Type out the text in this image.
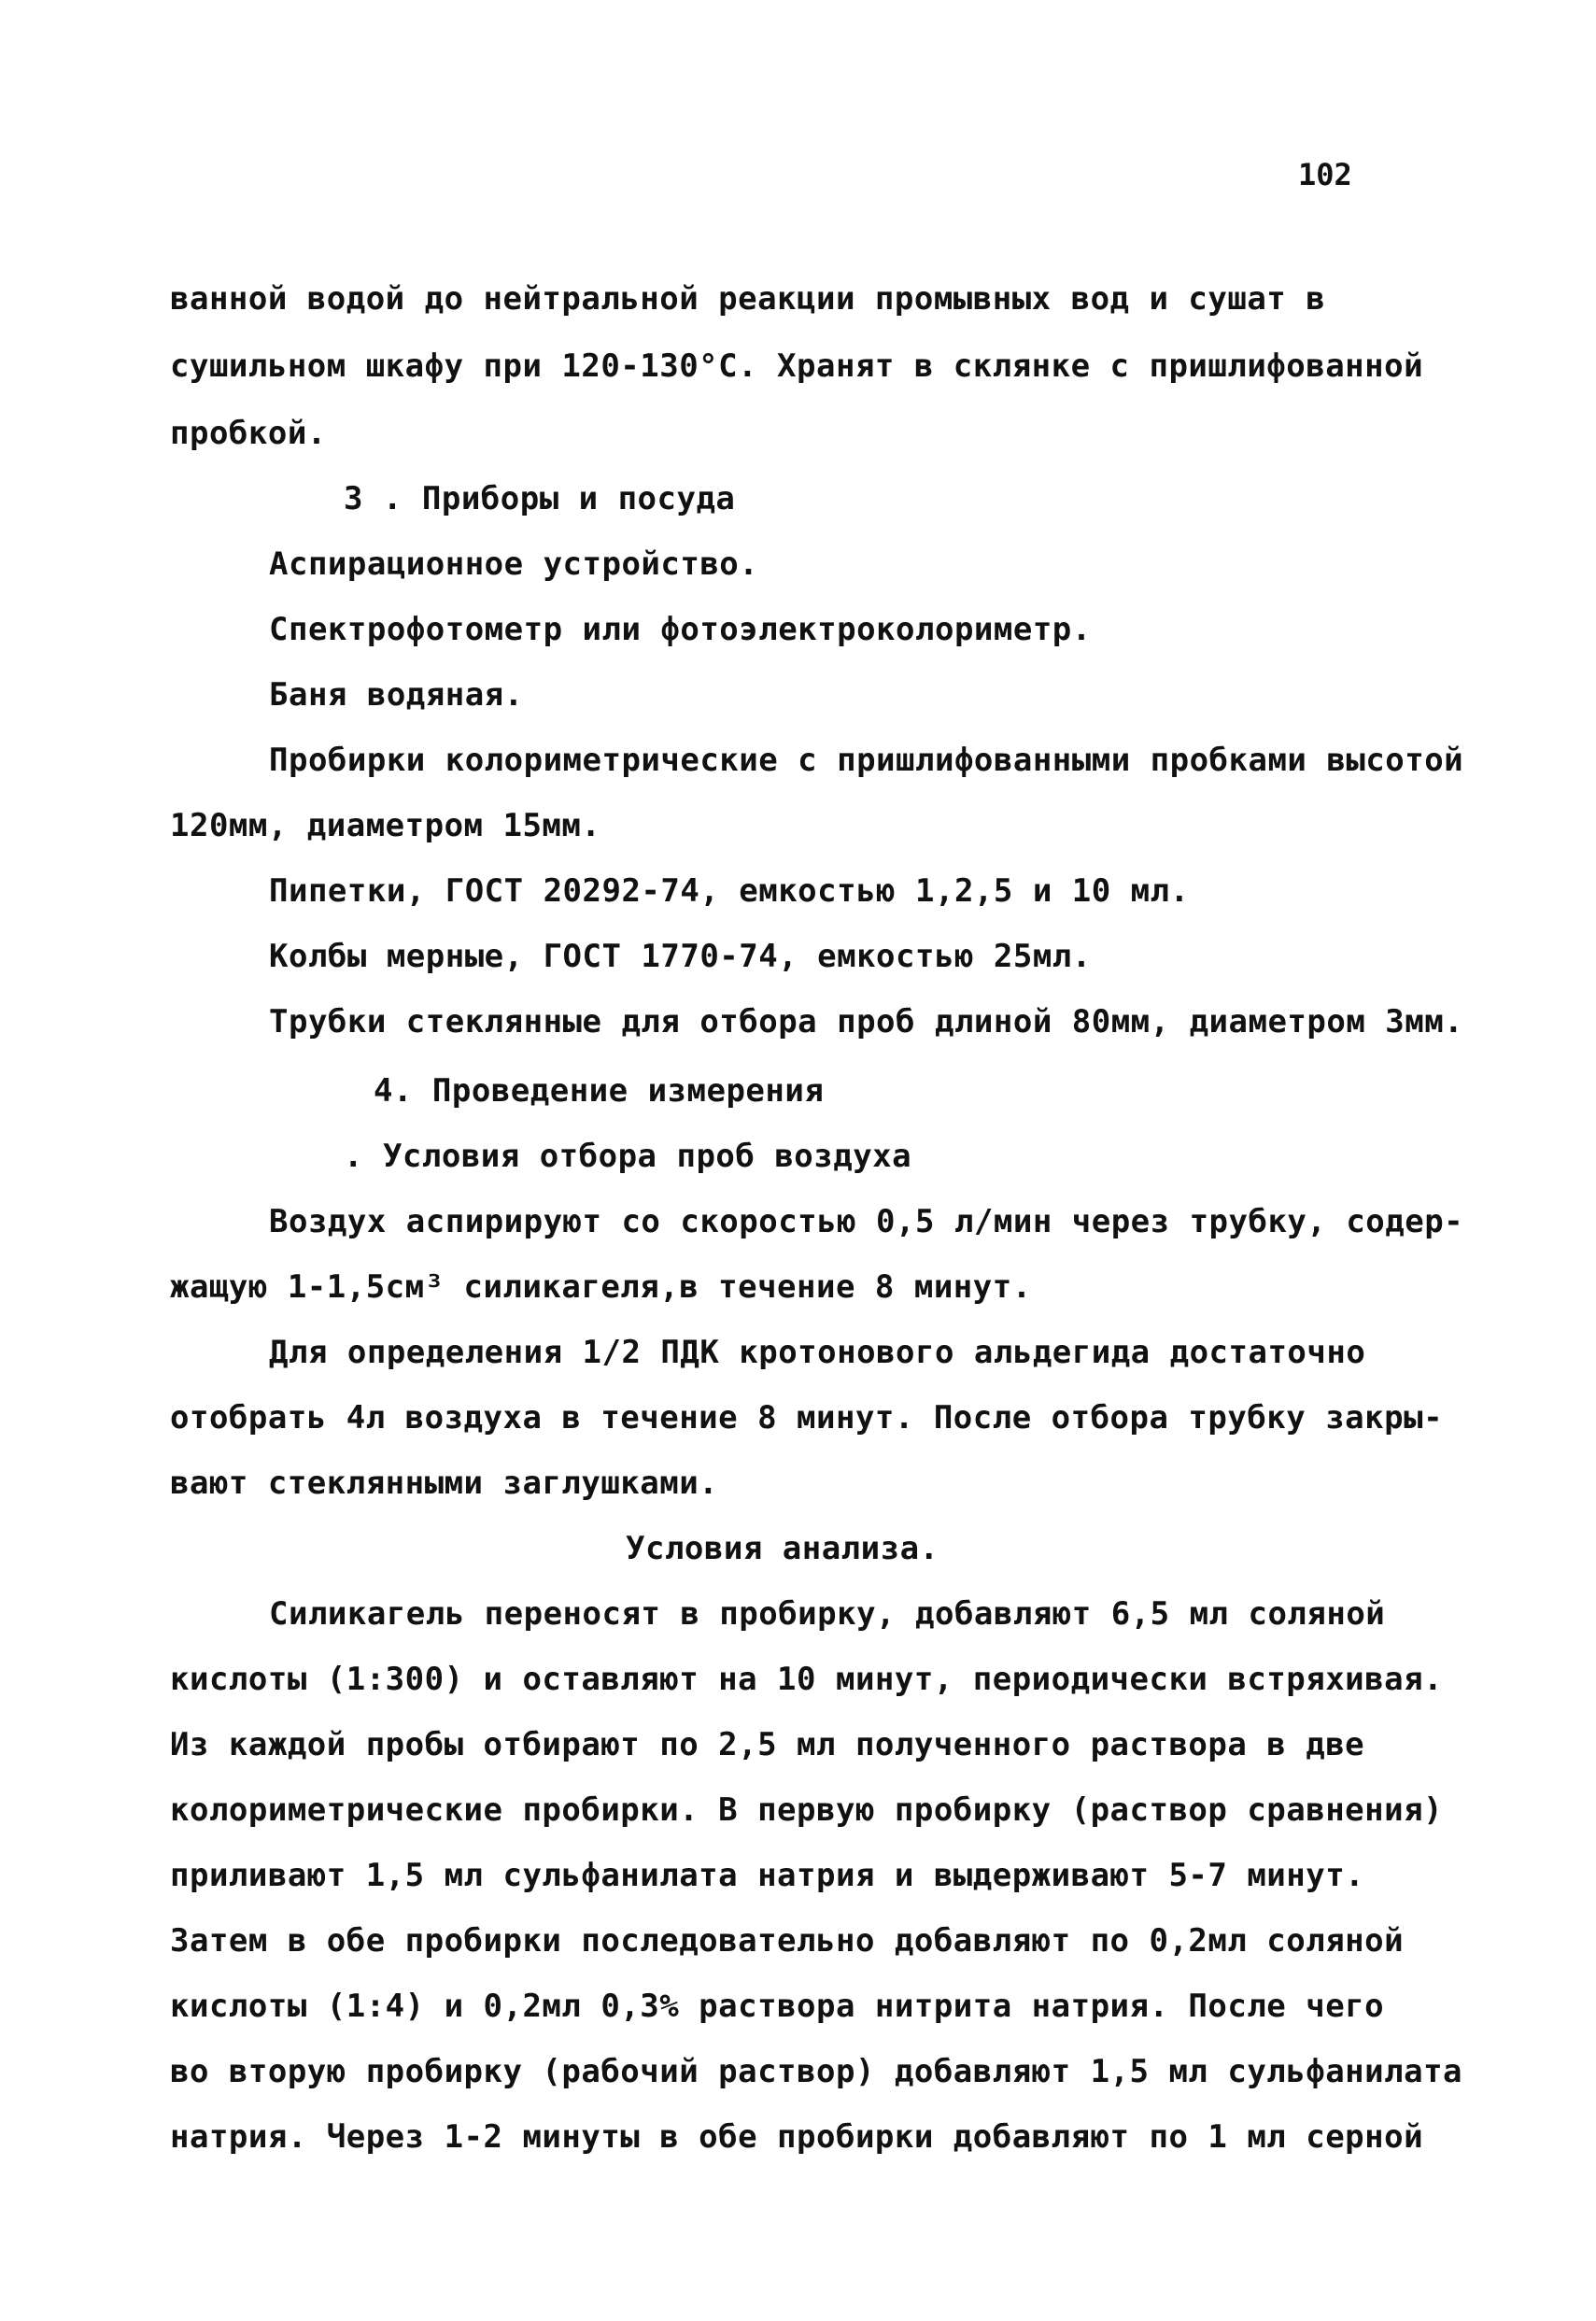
102
ванной водой до нейтральной реакции промывных вод и сушат в
сушильном шкафу при 120-130°С. Хранят в склянке с пришлифованной
пробкой.
3 . Приборы и посуда
Аспирационное устройство.
Спектрофотометр или фотоэлектроколориметр.
Баня водяная.
Пробирки колориметрические с пришлифованными пробками высотой
120мм, диаметром 15мм.
Пипетки, ГОСТ 20292-74, емкостью 1,2,5 и 10 мл.
Колбы мерные, ГОСТ 1770-74, емкостью 25мл.
Трубки стеклянные для отбора проб длиной 80мм, диаметром 3мм.
4. Проведение измерения
. Условия отбора проб воздуха
Воздух аспирируют со скоростью 0,5 л/мин через трубку, содер-
жащую 1-1,5см³ силикагеля,в течение 8 минут.
Для определения 1/2 ПДК кротонового альдегида достаточно
отобрать 4л воздуха в течение 8 минут. После отбора трубку закры-
вают стеклянными заглушками.
Условия анализа.
Силикагель переносят в пробирку, добавляют 6,5 мл соляной
кислоты (1:300) и оставляют на 10 минут, периодически встряхивая.
Из каждой пробы отбирают по 2,5 мл полученного раствора в две
колориметрические пробирки. В первую пробирку (раствор сравнения)
приливают 1,5 мл сульфанилата натрия и выдерживают 5-7 минут.
Затем в обе пробирки последовательно добавляют по 0,2мл соляной
кислоты (1:4) и 0,2мл 0,3% раствора нитрита натрия. После чего
во вторую пробирку (рабочий раствор) добавляют 1,5 мл сульфанилата
натрия. Через 1-2 минуты в обе пробирки добавляют по 1 мл серной
